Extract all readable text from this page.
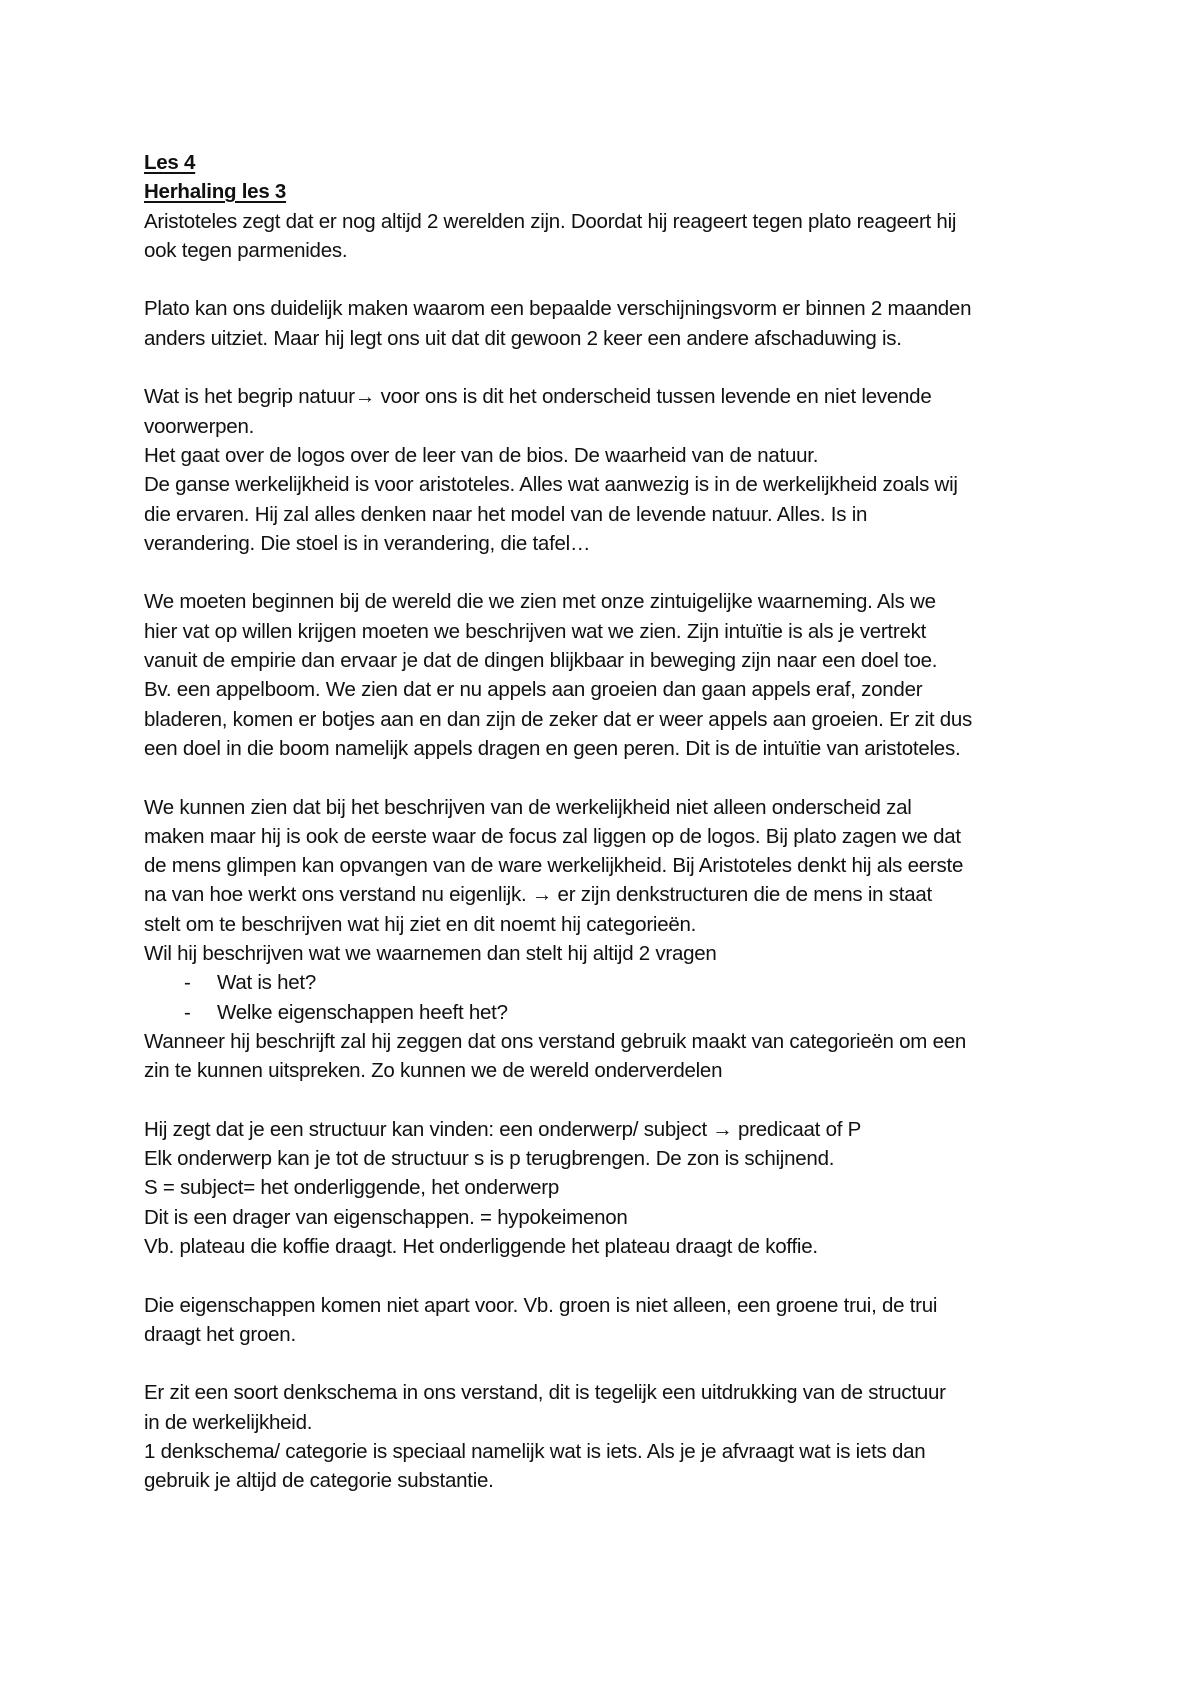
Les 4

Herhaling les 3

Aristoteles zegt dat er nog altijd 2 werelden zijn. Doordat hij reageert tegen plato reageert hij

ook tegen parmenides.

Plato kan ons duidelijk maken waarom een bepaalde verschijningsvorm er binnen 2 maanden

anders uitziet. Maar hij legt ons uit dat dit gewoon 2 keer een andere afschaduwing is.

Wat is het begrip natuur→ voor ons is dit het onderscheid tussen levende en niet levende

voorwerpen.

Het gaat over de logos over de leer van de bios. De waarheid van de natuur.

De ganse werkelijkheid is voor aristoteles. Alles wat aanwezig is in de werkelijkheid zoals wij

die ervaren. Hij zal alles denken naar het model van de levende natuur. Alles. Is in

verandering. Die stoel is in verandering, die tafel…

We moeten beginnen bij de wereld die we zien met onze zintuigelijke waarneming. Als we

hier vat op willen krijgen moeten we beschrijven wat we zien. Zijn intuïtie is als je vertrekt

vanuit de empirie dan ervaar je dat de dingen blijkbaar in beweging zijn naar een doel toe.

Bv. een appelboom. We zien dat er nu appels aan groeien dan gaan appels eraf, zonder

bladeren, komen er botjes aan en dan zijn de zeker dat er weer appels aan groeien. Er zit dus

een doel in die boom namelijk appels dragen en geen peren. Dit is de intuïtie van aristoteles.

We kunnen zien dat bij het beschrijven van de werkelijkheid niet alleen onderscheid zal

maken maar hij is ook de eerste waar de focus zal liggen op de logos. Bij plato zagen we dat

de mens glimpen kan opvangen van de ware werkelijkheid. Bij Aristoteles denkt hij als eerste

na van hoe werkt ons verstand nu eigenlijk. → er zijn denkstructuren die de mens in staat

stelt om te beschrijven wat hij ziet en dit noemt hij categorieën.

Wil hij beschrijven wat we waarnemen dan stelt hij altijd 2 vragen

- Wat is het?
- Welke eigenschappen heeft het?

Wanneer hij beschrijft zal hij zeggen dat ons verstand gebruik maakt van categorieën om een

zin te kunnen uitspreken. Zo kunnen we de wereld onderverdelen

Hij zegt dat je een structuur kan vinden: een onderwerp/ subject → predicaat of P

Elk onderwerp kan je tot de structuur s is p terugbrengen. De zon is schijnend.

S = subject= het onderliggende, het onderwerp

Dit is een drager van eigenschappen. = hypokeimenon

Vb. plateau die koffie draagt. Het onderliggende het plateau draagt de koffie.

Die eigenschappen komen niet apart voor. Vb. groen is niet alleen, een groene trui, de trui

draagt het groen.

Er zit een soort denkschema in ons verstand, dit is tegelijk een uitdrukking van de structuur

in de werkelijkheid.

1 denkschema/ categorie is speciaal namelijk wat is iets. Als je je afvraagt wat is iets dan

gebruik je altijd de categorie substantie.
